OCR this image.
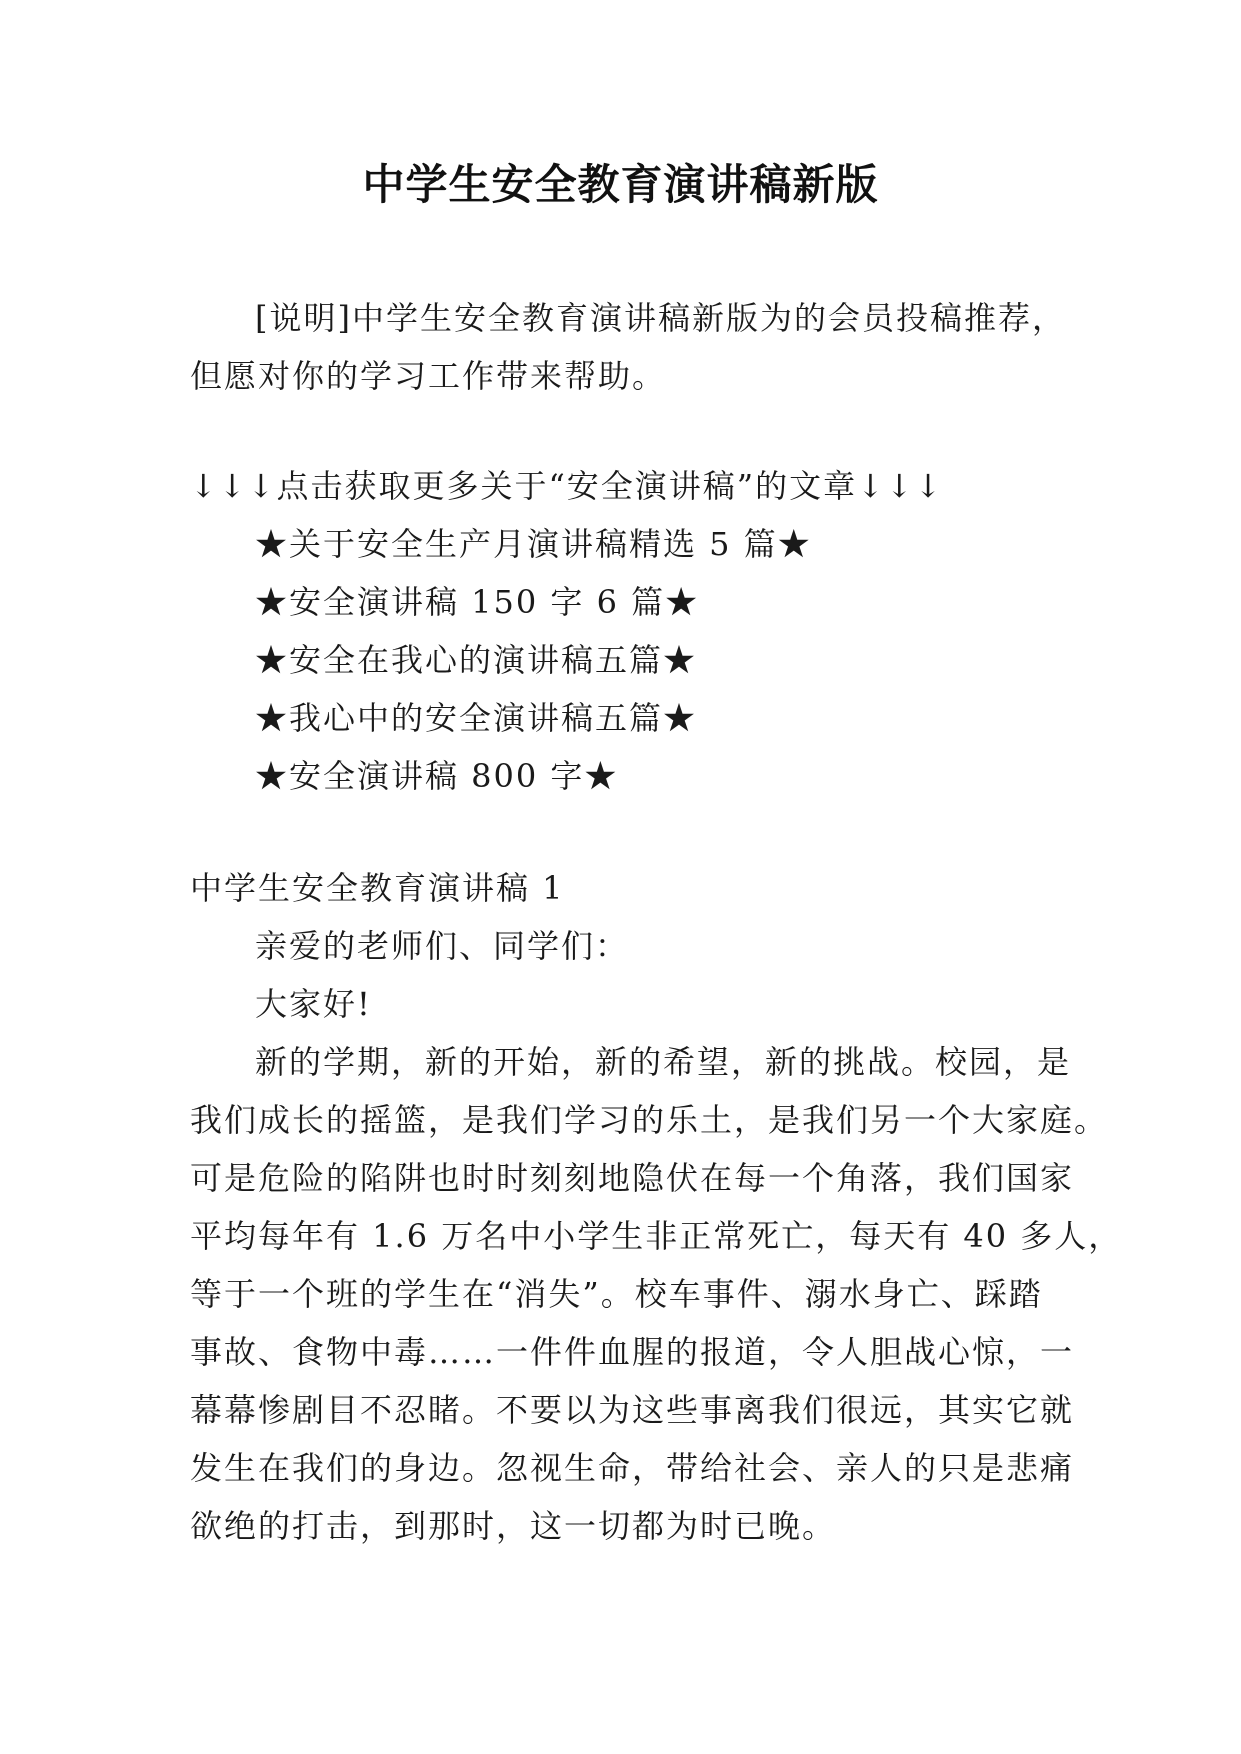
中学生安全教育演讲稿新版
[说明]中学生安全教育演讲稿新版为的会员投稿推荐，
但愿对你的学习工作带来帮助。
↓↓↓点击获取更多关于“安全演讲稿”的文章↓↓↓
★关于安全生产月演讲稿精选 5 篇★
★安全演讲稿 150 字 6 篇★
★安全在我心的演讲稿五篇★
★我心中的安全演讲稿五篇★
★安全演讲稿 800 字★
中学生安全教育演讲稿 1
亲爱的老师们、同学们：
大家好!
新的学期，新的开始，新的希望，新的挑战。校园，是
我们成长的摇篮，是我们学习的乐土，是我们另一个大家庭。
可是危险的陷阱也时时刻刻地隐伏在每一个角落，我们国家
平均每年有 1.6 万名中小学生非正常死亡，每天有 40 多人，
等于一个班的学生在“消失”。校车事件、溺水身亡、踩踏
事故、食物中毒……一件件血腥的报道，令人胆战心惊，一
幕幕惨剧目不忍睹。不要以为这些事离我们很远，其实它就
发生在我们的身边。忽视生命，带给社会、亲人的只是悲痛
欲绝的打击，到那时，这一切都为时已晚。
